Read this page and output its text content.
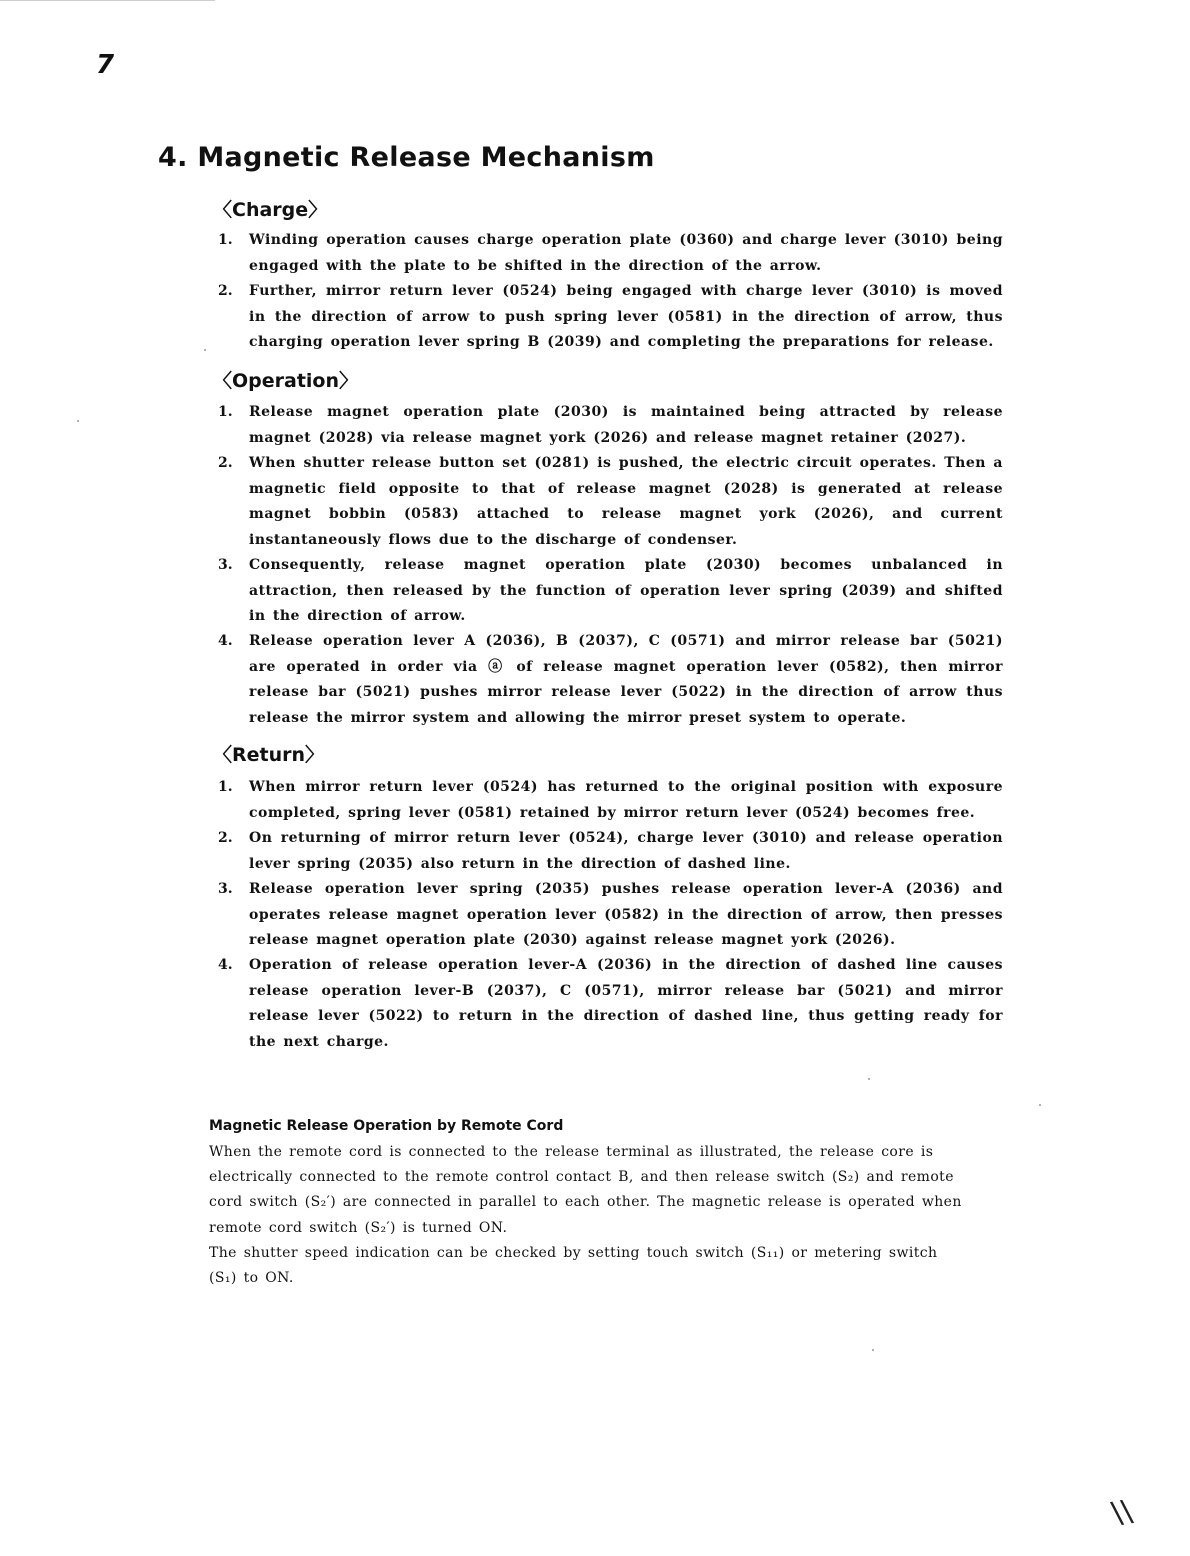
7
4. Magnetic Release Mechanism
〈Charge〉
1.	Winding operation causes charge operation plate (0360) and charge lever (3010) being engaged with the plate to be shifted in the direction of the arrow.
2.	Further, mirror return lever (0524) being engaged with charge lever (3010) is moved in the direction of arrow to push spring lever (0581) in the direction of arrow, thus charging operation lever spring B (2039) and completing the preparations for release.
〈Operation〉
1.	Release magnet operation plate (2030) is maintained being attracted by release magnet (2028) via release magnet york (2026) and release magnet retainer (2027).
2.	When shutter release button set (0281) is pushed, the electric circuit operates. Then a magnetic field opposite to that of release magnet (2028) is generated at release magnet bobbin (0583) attached to release magnet york (2026), and current instantaneously flows due to the discharge of condenser.
3.	Consequently, release magnet operation plate (2030) becomes unbalanced in attraction, then released by the function of operation lever spring (2039) and shifted in the direction of arrow.
4.	Release operation lever A (2036), B (2037), C (0571) and mirror release bar (5021) are operated in order via ⓐ of release magnet operation lever (0582), then mirror release bar (5021) pushes mirror release lever (5022) in the direction of arrow thus release the mirror system and allowing the mirror preset system to operate.
〈Return〉
1.	When mirror return lever (0524) has returned to the original position with exposure completed, spring lever (0581) retained by mirror return lever (0524) becomes free.
2.	On returning of mirror return lever (0524), charge lever (3010) and release operation lever spring (2035) also return in the direction of dashed line.
3.	Release operation lever spring (2035) pushes release operation lever-A (2036) and operates release magnet operation lever (0582) in the direction of arrow, then presses release magnet operation plate (2030) against release magnet york (2026).
4.	Operation of release operation lever-A (2036) in the direction of dashed line causes release operation lever-B (2037), C (0571), mirror release bar (5021) and mirror release lever (5022) to return in the direction of dashed line, thus getting ready for the next charge.
Magnetic Release Operation by Remote Cord

When the remote cord is connected to the release terminal as illustrated, the release core is electrically connected to the remote control contact B, and then release switch (S₂) and remote cord switch (S₂′) are connected in parallel to each other. The magnetic release is operated when remote cord switch (S₂′) is turned ON.

The shutter speed indication can be checked by setting touch switch (S₁₁) or metering switch (S₁) to ON.

\\
